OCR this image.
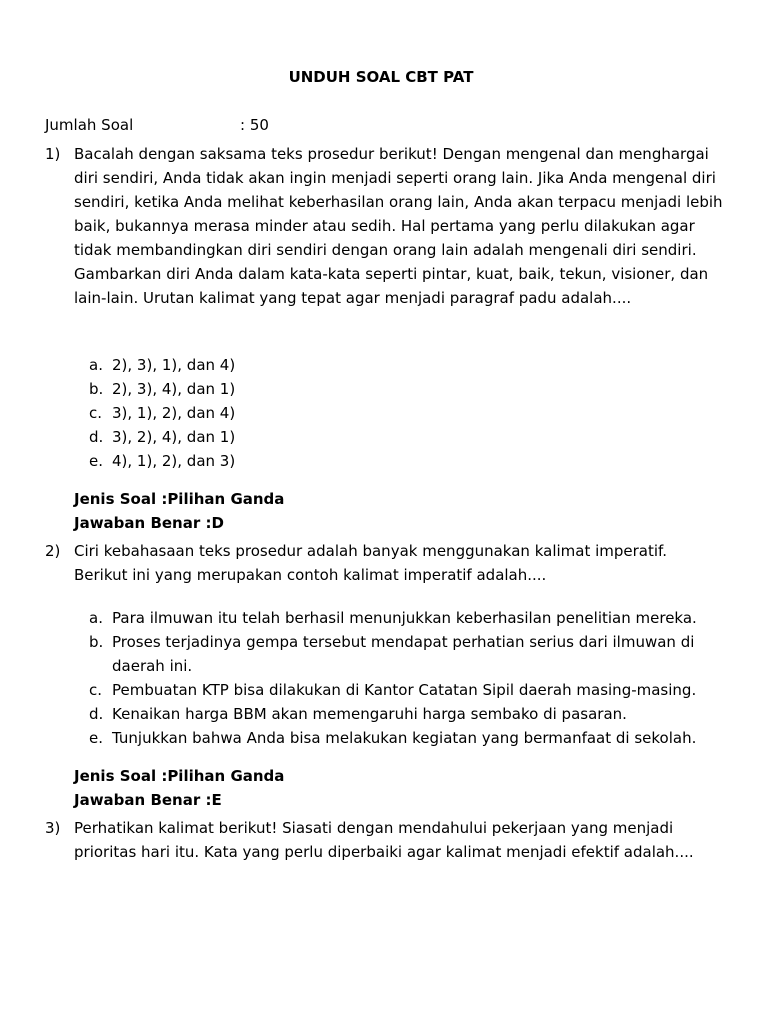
UNDUH SOAL CBT PAT
Jumlah Soal	: 50
1) Bacalah dengan saksama teks prosedur berikut! Dengan mengenal dan menghargai diri sendiri, Anda tidak akan ingin menjadi seperti orang lain. Jika Anda mengenal diri sendiri, ketika Anda melihat keberhasilan orang lain, Anda akan terpacu menjadi lebih baik, bukannya merasa minder atau sedih. Hal pertama yang perlu dilakukan agar tidak membandingkan diri sendiri dengan orang lain adalah mengenali diri sendiri. Gambarkan diri Anda dalam kata-kata seperti pintar, kuat, baik, tekun, visioner, dan lain-lain. Urutan kalimat yang tepat agar menjadi paragraf padu adalah....
a. 2), 3), 1), dan 4)
b. 2), 3), 4), dan 1)
c. 3), 1), 2), dan 4)
d. 3), 2), 4), dan 1)
e. 4), 1), 2), dan 3)
Jenis Soal :Pilihan Ganda
Jawaban Benar :D
2) Ciri kebahasaan teks prosedur adalah banyak menggunakan kalimat imperatif. Berikut ini yang merupakan contoh kalimat imperatif adalah....
a. Para ilmuwan itu telah berhasil menunjukkan keberhasilan penelitian mereka.
b. Proses terjadinya gempa tersebut mendapat perhatian serius dari ilmuwan di daerah ini.
c. Pembuatan KTP bisa dilakukan di Kantor Catatan Sipil daerah masing-masing.
d. Kenaikan harga BBM akan memengaruhi harga sembako di pasaran.
e. Tunjukkan bahwa Anda bisa melakukan kegiatan yang bermanfaat di sekolah.
Jenis Soal :Pilihan Ganda
Jawaban Benar :E
3) Perhatikan kalimat berikut! Siasati dengan mendahului pekerjaan yang menjadi prioritas hari itu. Kata yang perlu diperbaiki agar kalimat menjadi efektif adalah....
